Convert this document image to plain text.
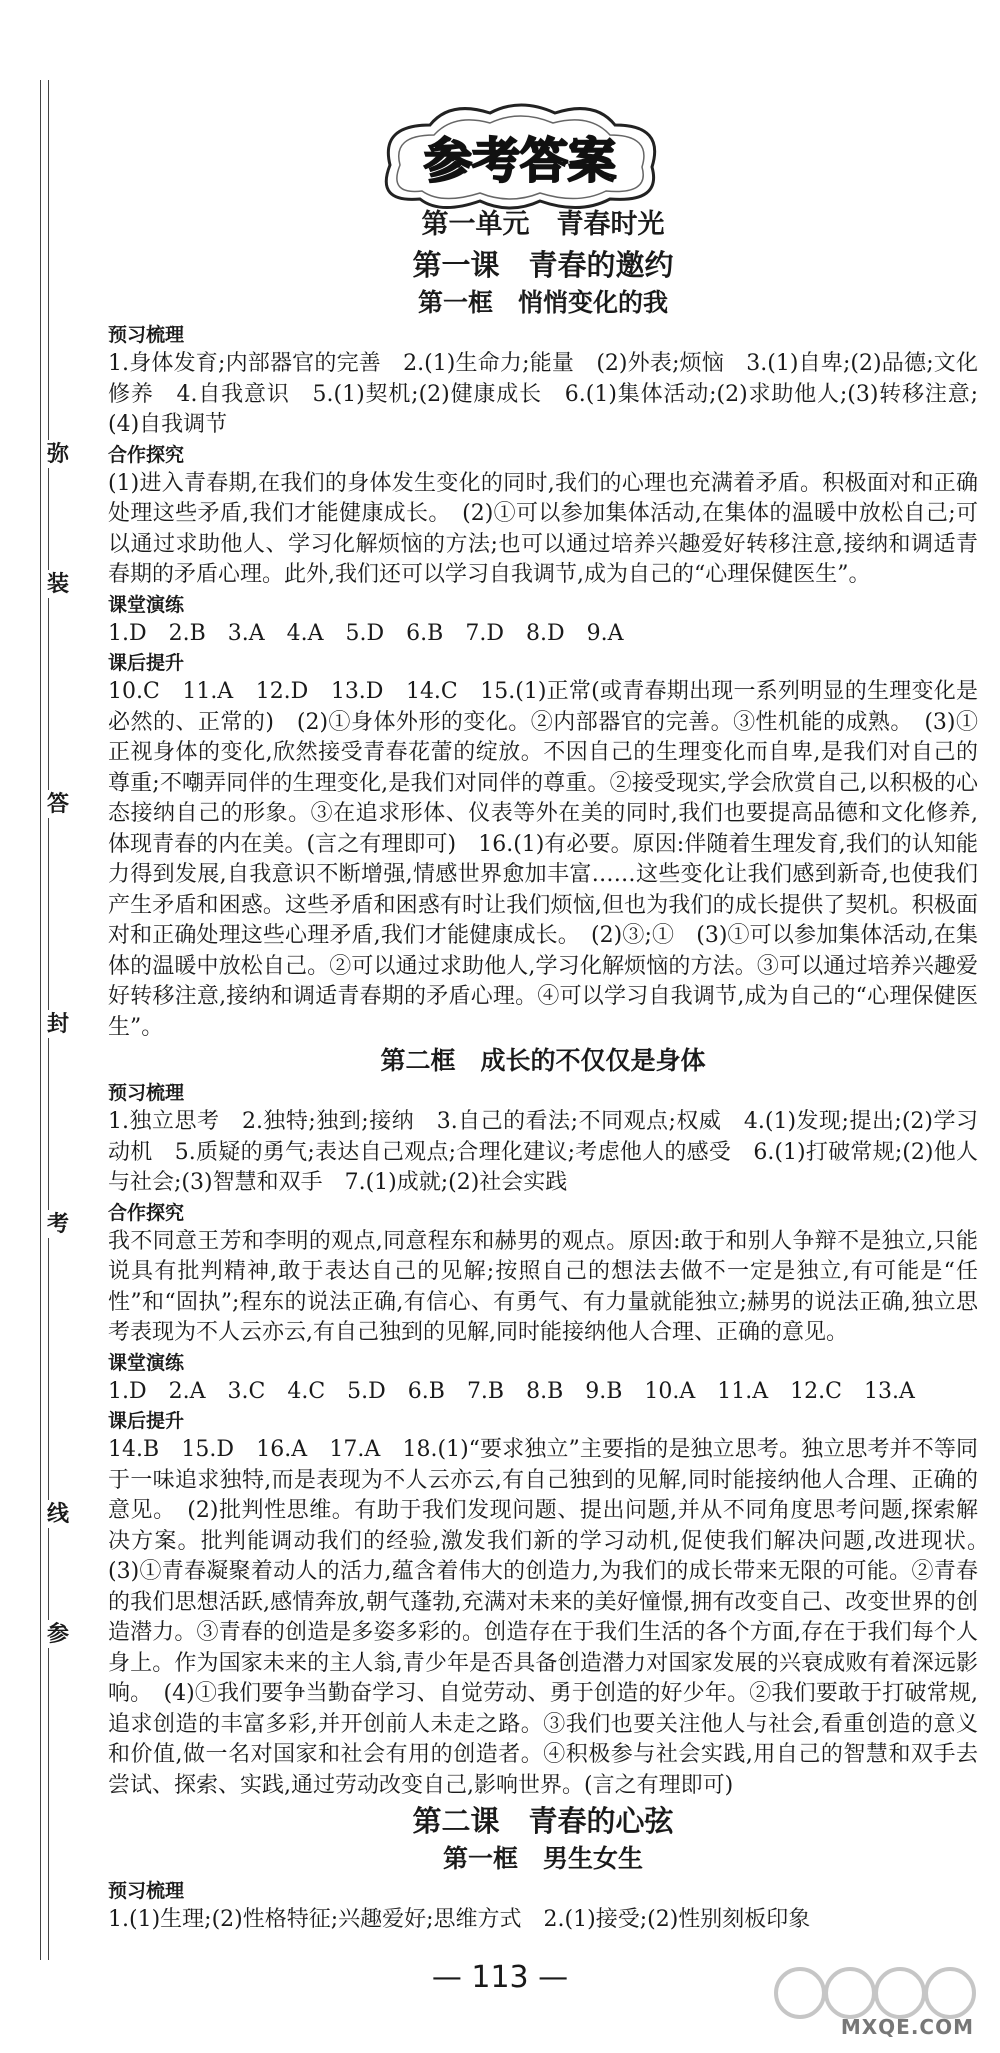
弥
装
答
封
考
线
参
参考答案
第一单元　青春时光
第一课　青春的邀约
第一框　悄悄变化的我
预习梳理
1.身体发育;内部器官的完善　2.(1)生命力;能量　(2)外表;烦恼　3.(1)自卑;(2)品德;文化修养　4.自我意识　5.(1)契机;(2)健康成长　6.(1)集体活动;(2)求助他人;(3)转移注意;(4)自我调节
合作探究
(1)进入青春期,在我们的身体发生变化的同时,我们的心理也充满着矛盾。积极面对和正确处理这些矛盾,我们才能健康成长。　(2)①可以参加集体活动,在集体的温暖中放松自己;可以通过求助他人、学习化解烦恼的方法;也可以通过培养兴趣爱好转移注意,接纳和调适青春期的矛盾心理。此外,我们还可以学习自我调节,成为自己的“心理保健医生”。
课堂演练
1.D　2.B　3.A　4.A　5.D　6.B　7.D　8.D　9.A
课后提升
10.C　11.A　12.D　13.D　14.C　15.(1)正常(或青春期出现一系列明显的生理变化是必然的、正常的)　(2)①身体外形的变化。②内部器官的完善。③性机能的成熟。　(3)①正视身体的变化,欣然接受青春花蕾的绽放。不因自己的生理变化而自卑,是我们对自己的尊重;不嘲弄同伴的生理变化,是我们对同伴的尊重。②接受现实,学会欣赏自己,以积极的心态接纳自己的形象。③在追求形体、仪表等外在美的同时,我们也要提高品德和文化修养,体现青春的内在美。(言之有理即可)　16.(1)有必要。原因:伴随着生理发育,我们的认知能力得到发展,自我意识不断增强,情感世界愈加丰富……这些变化让我们感到新奇,也使我们产生矛盾和困惑。这些矛盾和困惑有时让我们烦恼,但也为我们的成长提供了契机。积极面对和正确处理这些心理矛盾,我们才能健康成长。　(2)③;①　(3)①可以参加集体活动,在集体的温暖中放松自己。②可以通过求助他人,学习化解烦恼的方法。③可以通过培养兴趣爱好转移注意,接纳和调适青春期的矛盾心理。④可以学习自我调节,成为自己的“心理保健医生”。
第二框　成长的不仅仅是身体
预习梳理
1.独立思考　2.独特;独到;接纳　3.自己的看法;不同观点;权威　4.(1)发现;提出;(2)学习动机　5.质疑的勇气;表达自己观点;合理化建议;考虑他人的感受　6.(1)打破常规;(2)他人与社会;(3)智慧和双手　7.(1)成就;(2)社会实践
合作探究
我不同意王芳和李明的观点,同意程东和赫男的观点。原因:敢于和别人争辩不是独立,只能说具有批判精神,敢于表达自己的见解;按照自己的想法去做不一定是独立,有可能是“任性”和“固执”;程东的说法正确,有信心、有勇气、有力量就能独立;赫男的说法正确,独立思考表现为不人云亦云,有自己独到的见解,同时能接纳他人合理、正确的意见。
课堂演练
1.D　2.A　3.C　4.C　5.D　6.B　7.B　8.B　9.B　10.A　11.A　12.C　13.A
课后提升
14.B　15.D　16.A　17.A　18.(1)“要求独立”主要指的是独立思考。独立思考并不等同于一味追求独特,而是表现为不人云亦云,有自己独到的见解,同时能接纳他人合理、正确的意见。　(2)批判性思维。有助于我们发现问题、提出问题,并从不同角度思考问题,探索解决方案。批判能调动我们的经验,激发我们新的学习动机,促使我们解决问题,改进现状。　(3)①青春凝聚着动人的活力,蕴含着伟大的创造力,为我们的成长带来无限的可能。②青春的我们思想活跃,感情奔放,朝气蓬勃,充满对未来的美好憧憬,拥有改变自己、改变世界的创造潜力。③青春的创造是多姿多彩的。创造存在于我们生活的各个方面,存在于我们每个人身上。作为国家未来的主人翁,青少年是否具备创造潜力对国家发展的兴衰成败有着深远影响。　(4)①我们要争当勤奋学习、自觉劳动、勇于创造的好少年。②我们要敢于打破常规,追求创造的丰富多彩,并开创前人未走之路。③我们也要关注他人与社会,看重创造的意义和价值,做一名对国家和社会有用的创造者。④积极参与社会实践,用自己的智慧和双手去尝试、探索、实践,通过劳动改变自己,影响世界。(言之有理即可)
第二课　青春的心弦
第一框　男生女生
预习梳理
1.(1)生理;(2)性格特征;兴趣爱好;思维方式　2.(1)接受;(2)性别刻板印象
— 113 —
MXQE.COM
